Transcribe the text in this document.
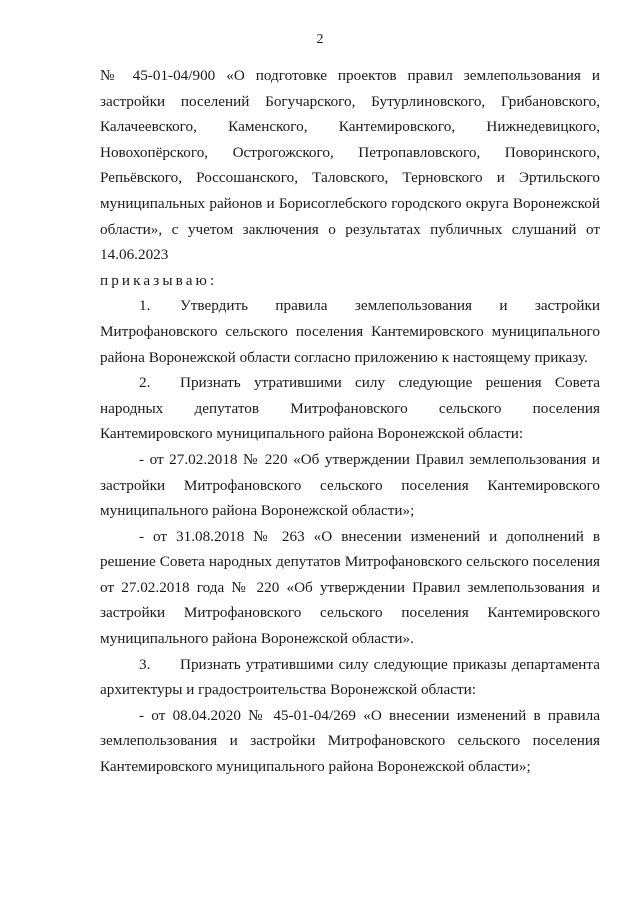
2

№ 45-01-04/900 «О подготовке проектов правил землепользования и застройки поселений Богучарского, Бутурлиновского, Грибановского, Калачеевского, Каменского, Кантемировского, Нижнедевицкого, Новохопёрского, Острогожского, Петропавловского, Поворинского, Репьёвского, Россошанского, Таловского, Терновского и Эртильского муниципальных районов и Борисоглебского городского округа Воронежской области», с учетом заключения о результатах публичных слушаний от 14.06.2023

приказываю:

1. Утвердить правила землепользования и застройки Митрофановского сельского поселения Кантемировского муниципального района Воронежской области согласно приложению к настоящему приказу.

2. Признать утратившими силу следующие решения Совета народных депутатов Митрофановского сельского поселения Кантемировского муниципального района Воронежской области:

- от 27.02.2018 № 220 «Об утверждении Правил землепользования и застройки Митрофановского сельского поселения Кантемировского муниципального района Воронежской области»;

- от 31.08.2018 № 263 «О внесении изменений и дополнений в решение Совета народных депутатов Митрофановского сельского поселения от 27.02.2018 года № 220 «Об утверждении Правил землепользования и застройки Митрофановского сельского поселения Кантемировского муниципального района Воронежской области».

3. Признать утратившими силу следующие приказы департамента архитектуры и градостроительства Воронежской области:

- от 08.04.2020 № 45-01-04/269 «О внесении изменений в правила землепользования и застройки Митрофановского сельского поселения Кантемировского муниципального района Воронежской области»;
